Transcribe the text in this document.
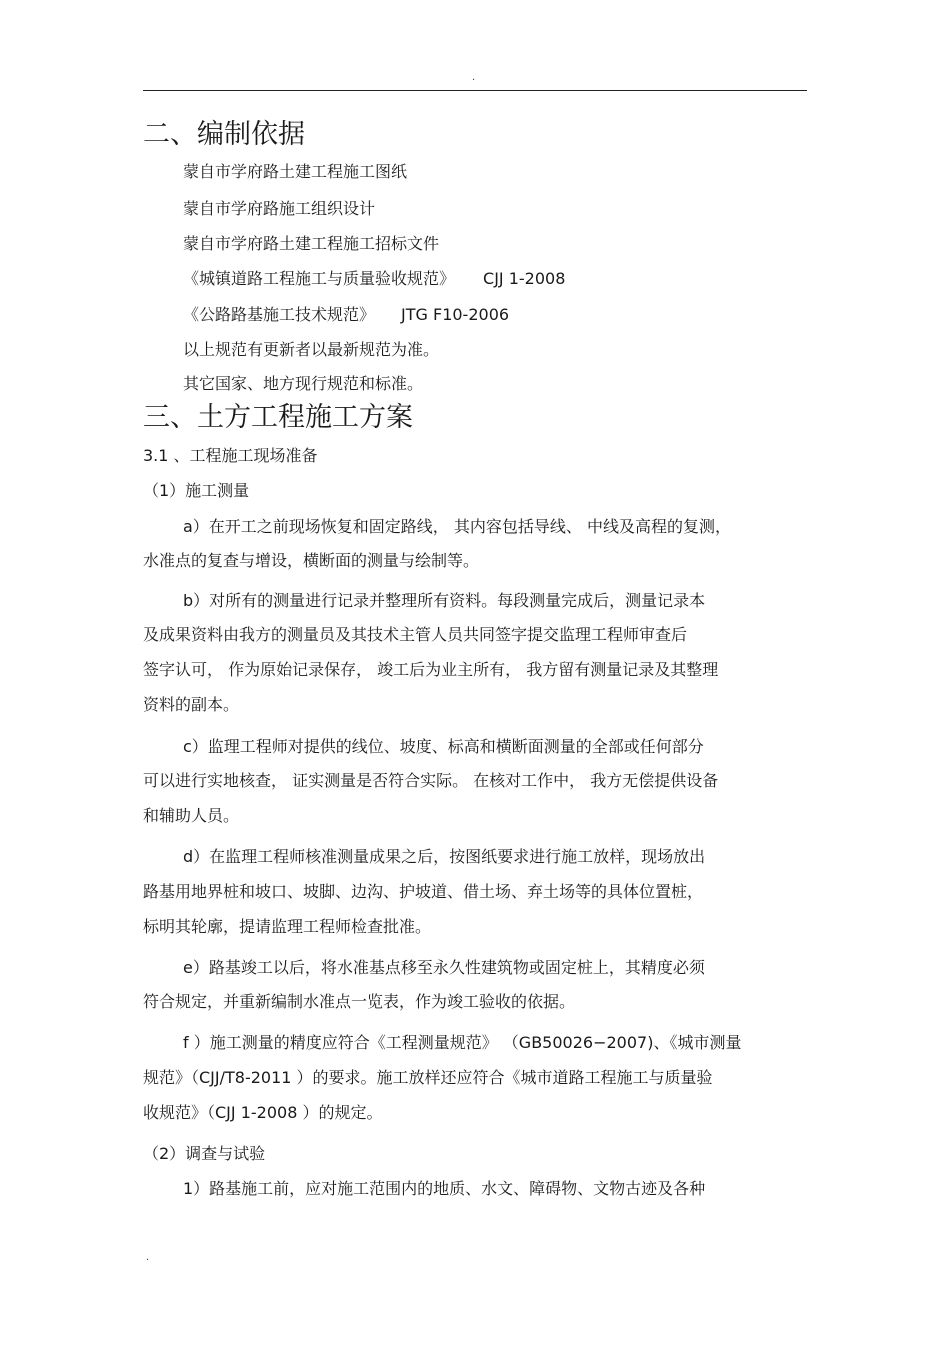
.
二、编制依据
蒙自市学府路土建工程施工图纸
蒙自市学府路施工组织设计
蒙自市学府路土建工程施工招标文件
《城镇道路工程施工与质量验收规范》 CJJ 1-2008
《公路路基施工技术规范》 JTG F10-2006
以上规范有更新者以最新规范为准。
其它国家、地方现行规范和标准。
三、土方工程施工方案
3.1 、工程施工现场准备
（1）施工测量
a）在开工之前现场恢复和固定路线， 其内容包括导线、 中线及高程的复测，
水准点的复查与增设，横断面的测量与绘制等。
b）对所有的测量进行记录并整理所有资料。每段测量完成后，测量记录本
及成果资料由我方的测量员及其技术主管人员共同签字提交监理工程师审查后
签字认可， 作为原始记录保存， 竣工后为业主所有， 我方留有测量记录及其整理
资料的副本。
c）监理工程师对提供的线位、坡度、标高和横断面测量的全部或任何部分
可以进行实地核查， 证实测量是否符合实际。 在核对工作中， 我方无偿提供设备
和辅助人员。
d）在监理工程师核准测量成果之后，按图纸要求进行施工放样，现场放出
路基用地界桩和坡口、坡脚、边沟、护坡道、借土场、弃土场等的具体位置桩，
标明其轮廓，提请监理工程师检查批准。
e）路基竣工以后，将水准基点移至永久性建筑物或固定桩上，其精度必须
符合规定，并重新编制水准点一览表，作为竣工验收的依据。
f ）施工测量的精度应符合《工程测量规范》 （GB50026−2007)、《城市测量
规范》（CJJ/T8-2011 ）的要求。施工放样还应符合《城市道路工程施工与质量验
收规范》（CJJ 1-2008 ）的规定。
（2）调查与试验
1）路基施工前，应对施工范围内的地质、水文、障碍物、文物古迹及各种
.
